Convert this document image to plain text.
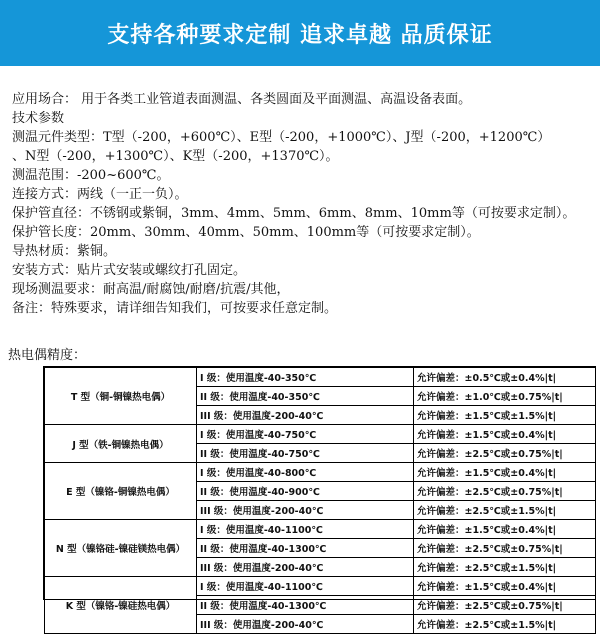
支持各种要求定制 追求卓越 品质保证
应用场合： 用于各类工业管道表面测温、各类圆面及平面测温、高温设备表面。
技术参数
测温元件类型：T型（-200，+600℃）、E型（-200，+1000℃）、J型（-200，+1200℃）
、N型（-200，+1300℃）、K型（-200，+1370℃）。
测温范围：-200~600℃。
连接方式：两线（一正一负）。
保护管直径：不锈钢或紫铜，3mm、4mm、5mm、6mm、8mm、10mm等（可按要求定制）。
保护管长度：20mm、30mm、40mm、50mm、100mm等（可按要求定制）。
导热材质：紫铜。
安装方式：贴片式安装或螺纹打孔固定。
现场测温要求：耐高温/耐腐蚀/耐磨/抗震/其他，
备注：特殊要求，请详细告知我们，可按要求任意定制。
热电偶精度：
T 型（铜-铜镍热电偶）	I 级：使用温度-40-350℃	允许偏差：±0.5℃或±0.4%|t|
	II 级：使用温度-40-350℃	允许偏差：±1.0℃或±0.75%|t|
	III 级：使用温度-200-40℃	允许偏差：±1.5℃或±1.5%|t|
J 型（铁-铜镍热电偶）	I 级：使用温度-40-750℃	允许偏差：±1.5℃或±0.4%|t|
	II 级：使用温度-40-750℃	允许偏差：±2.5℃或±0.75%|t|
E 型（镍铬-铜镍热电偶）	I 级：使用温度-40-800℃	允许偏差：±1.5℃或±0.4%|t|
	II 级：使用温度-40-900℃	允许偏差：±2.5℃或±0.75%|t|
	III 级：使用温度-200-40℃	允许偏差：±2.5℃或±1.5%|t|
N 型（镍铬硅-镍硅镁热电偶）	I 级：使用温度-40-1100℃	允许偏差：±1.5℃或±0.4%|t|
	II 级：使用温度-40-1300℃	允许偏差：±2.5℃或±0.75%|t|
	III 级：使用温度-200-40℃	允许偏差：±2.5℃或±1.5%|t|
K 型（镍铬-镍硅热电偶）	I 级：使用温度-40-1100℃	允许偏差：±1.5℃或±0.4%|t|
	II 级：使用温度-40-1300℃	允许偏差：±2.5℃或±0.75%|t|
	III 级：使用温度-200-40℃	允许偏差：±2.5℃或±1.5%|t|
